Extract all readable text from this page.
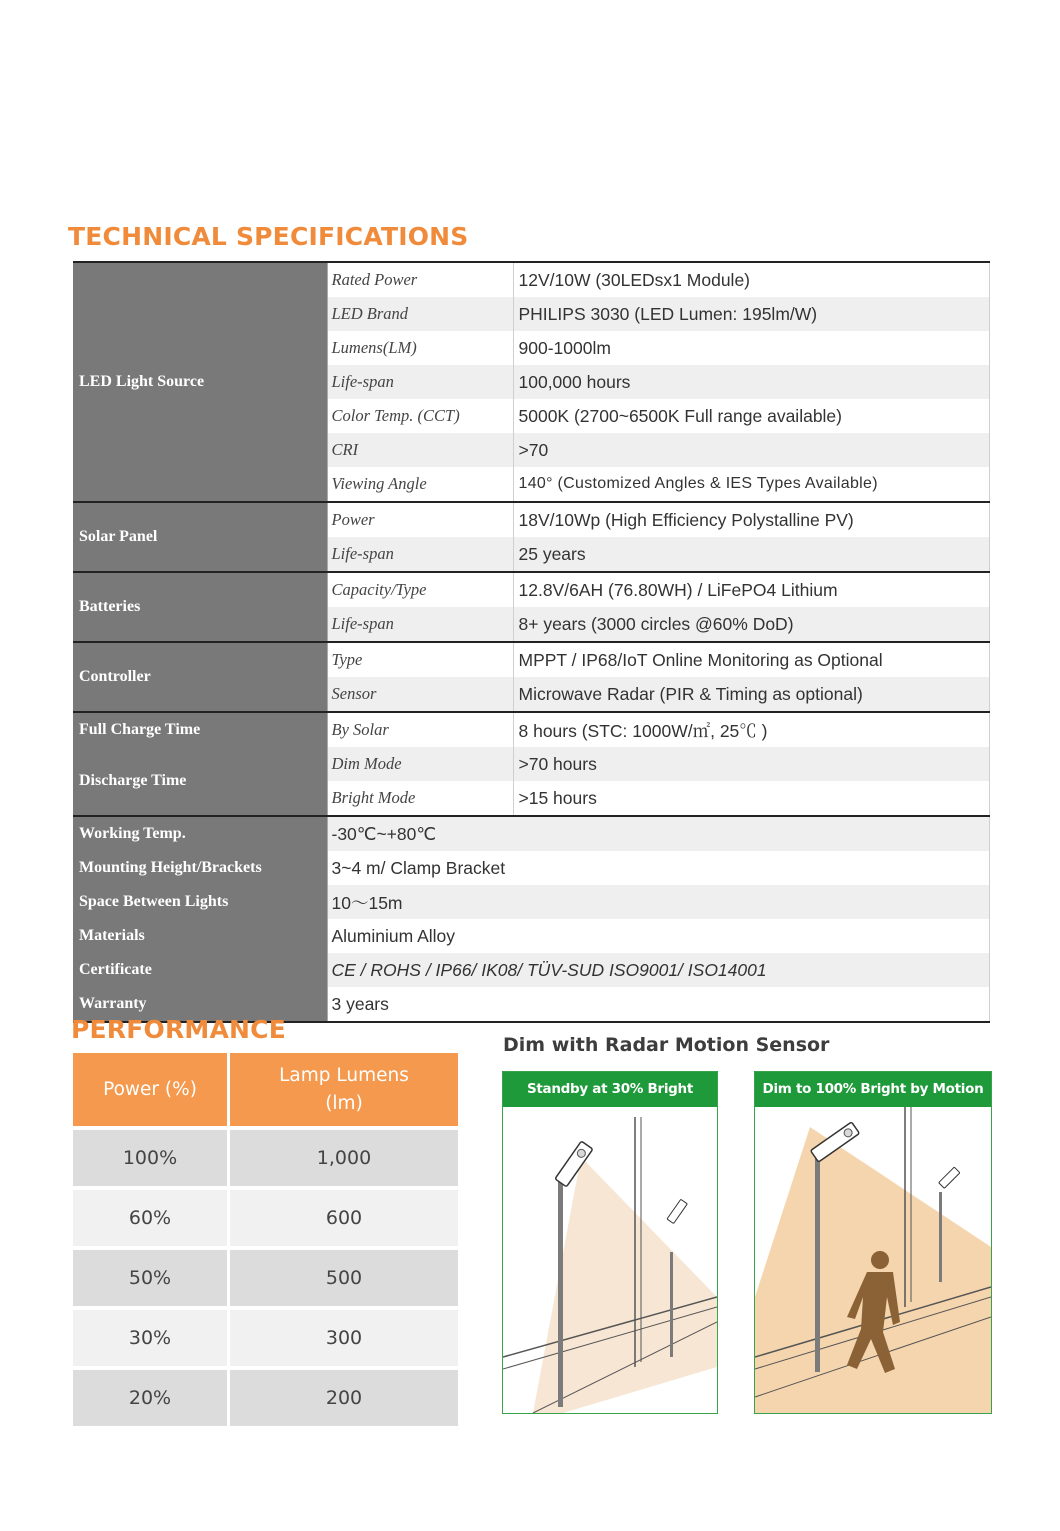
TECHNICAL SPECIFICATIONS
LED Light Source	Rated Power	12V/10W (30LEDsx1 Module)
	LED Brand	PHILIPS 3030 (LED Lumen: 195lm/W)
	Lumens(LM)	900-1000lm
	Life-span	100,000 hours
	Color Temp. (CCT)	5000K (2700~6500K Full range available)
	CRI	>70
	Viewing Angle	140° (Customized Angles & IES Types Available)
Solar Panel	Power	18V/10Wp (High Efficiency Polystalline PV)
	Life-span	25 years
Batteries	Capacity/Type	12.8V/6AH (76.80WH) / LiFePO4 Lithium
	Life-span	8+ years (3000 circles @60% DoD)
Controller	Type	MPPT / IP68/IoT Online Monitoring as Optional
	Sensor	Microwave Radar (PIR & Timing as optional)
Full Charge Time	By Solar	8 hours (STC: 1000W/㎡, 25℃ )
Discharge Time	Dim Mode	>70 hours
	Bright Mode	>15 hours
Working Temp.	-30℃~+80℃	
Mounting Height/Brackets	3~4 m/ Clamp Bracket	
Space Between Lights	10～15m	
Materials	Aluminium Alloy	
Certificate	CE / ROHS / IP66/ IK08/ TÜV-SUD ISO9001/ ISO14001	
Warranty	3 years	
PERFORMANCE
Power (%)	Lamp Lumens (lm)
100%	1,000
60%	600
50%	500
30%	300
20%	200
Dim with Radar Motion Sensor
Standby at 30% Bright	Dim to 100% Bright by Motion
